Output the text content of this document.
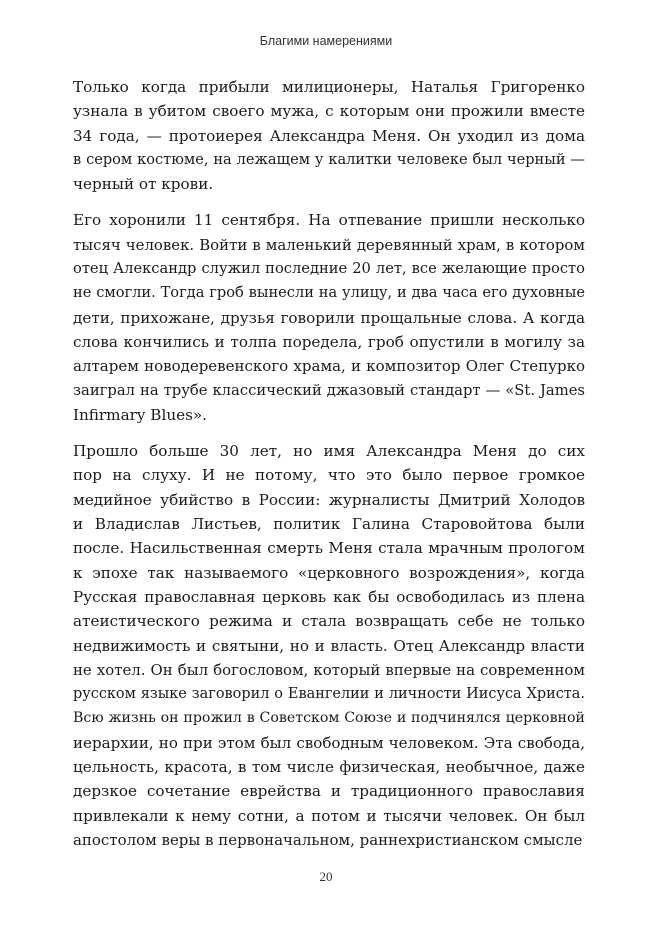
Благими намерениями

Только когда прибыли милиционеры, Наталья Григоренко
узнала в убитом своего мужа, с которым они прожили вместе
34 года, — протоиерея Александра Меня. Он уходил из дома
в сером костюме, на лежащем у калитки человеке был черный —
черный от крови.

Его хоронили 11 сентября. На отпевание пришли несколько
тысяч человек. Войти в маленький деревянный храм, в котором
отец Александр служил последние 20 лет, все желающие просто
не смогли. Тогда гроб вынесли на улицу, и два часа его духовные
дети, прихожане, друзья говорили прощальные слова. А когда
слова кончились и толпа поредела, гроб опустили в могилу за
алтарем новодеревенского храма, и композитор Олег Степурко
заиграл на трубе классический джазовый стандарт — «St. James
Infirmary Blues».

Прошло больше 30 лет, но имя Александра Меня до сих
пор на слуху. И не потому, что это было первое громкое
медийное убийство в России: журналисты Дмитрий Холодов
и Владислав Листьев, политик Галина Старовойтова были
после. Насильственная смерть Меня стала мрачным прологом
к эпохе так называемого «церковного возрождения», когда
Русская православная церковь как бы освободилась из плена
атеистического режима и стала возвращать себе не только
недвижимость и святыни, но и власть. Отец Александр власти
не хотел. Он был богословом, который впервые на современном
русском языке заговорил о Евангелии и личности Иисуса Христа.
Всю жизнь он прожил в Советском Союзе и подчинялся церковной
иерархии, но при этом был свободным человеком. Эта свобода,
цельность, красота, в том числе физическая, необычное, даже
дерзкое сочетание еврейства и традиционного православия
привлекали к нему сотни, а потом и тысячи человек. Он был
апостолом веры в первоначальном, раннехристианском смысле

20
